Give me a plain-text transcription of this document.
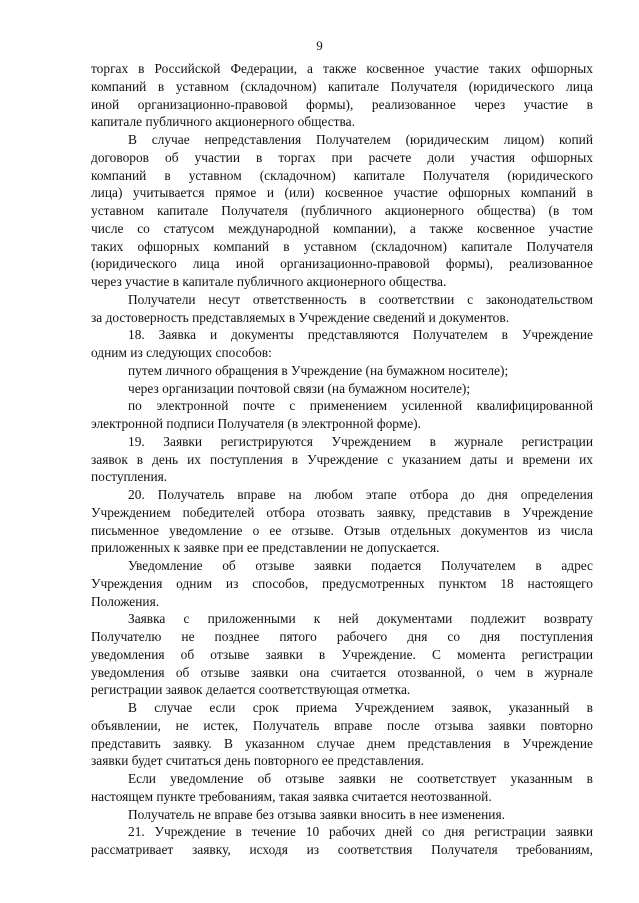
9
торгах в Российской Федерации, а также косвенное участие таких офшорных
компаний в уставном (складочном) капитале Получателя (юридического лица
иной организационно-правовой формы), реализованное через участие в
капитале публичного акционерного общества.
В случае непредставления Получателем (юридическим лицом) копий
договоров об участии в торгах при расчете доли участия офшорных
компаний в уставном (складочном) капитале Получателя (юридического
лица) учитывается прямое и (или) косвенное участие офшорных компаний в
уставном капитале Получателя (публичного акционерного общества) (в том
числе со статусом международной компании), а также косвенное участие
таких офшорных компаний в уставном (складочном) капитале Получателя
(юридического лица иной организационно-правовой формы), реализованное
через участие в капитале публичного акционерного общества.
Получатели несут ответственность в соответствии с законодательством
за достоверность представляемых в Учреждение сведений и документов.
18. Заявка и документы представляются Получателем в Учреждение
одним из следующих способов:
путем личного обращения в Учреждение (на бумажном носителе);
через организации почтовой связи (на бумажном носителе);
по электронной почте с применением усиленной квалифицированной
электронной подписи Получателя (в электронной форме).
19. Заявки регистрируются Учреждением в журнале регистрации
заявок в день их поступления в Учреждение с указанием даты и времени их
поступления.
20. Получатель вправе на любом этапе отбора до дня определения
Учреждением победителей отбора отозвать заявку, представив в Учреждение
письменное уведомление о ее отзыве. Отзыв отдельных документов из числа
приложенных к заявке при ее представлении не допускается.
Уведомление об отзыве заявки подается Получателем в адрес
Учреждения одним из способов, предусмотренных пунктом 18 настоящего
Положения.
Заявка с приложенными к ней документами подлежит возврату
Получателю не позднее пятого рабочего дня со дня поступления
уведомления об отзыве заявки в Учреждение. С момента регистрации
уведомления об отзыве заявки она считается отозванной, о чем в журнале
регистрации заявок делается соответствующая отметка.
В случае если срок приема Учреждением заявок, указанный в
объявлении, не истек, Получатель вправе после отзыва заявки повторно
представить заявку. В указанном случае днем представления в Учреждение
заявки будет считаться день повторного ее представления.
Если уведомление об отзыве заявки не соответствует указанным в
настоящем пункте требованиям, такая заявка считается неотозванной.
Получатель не вправе без отзыва заявки вносить в нее изменения.
21. Учреждение в течение 10 рабочих дней со дня регистрации заявки
рассматривает заявку, исходя из соответствия Получателя требованиям,
